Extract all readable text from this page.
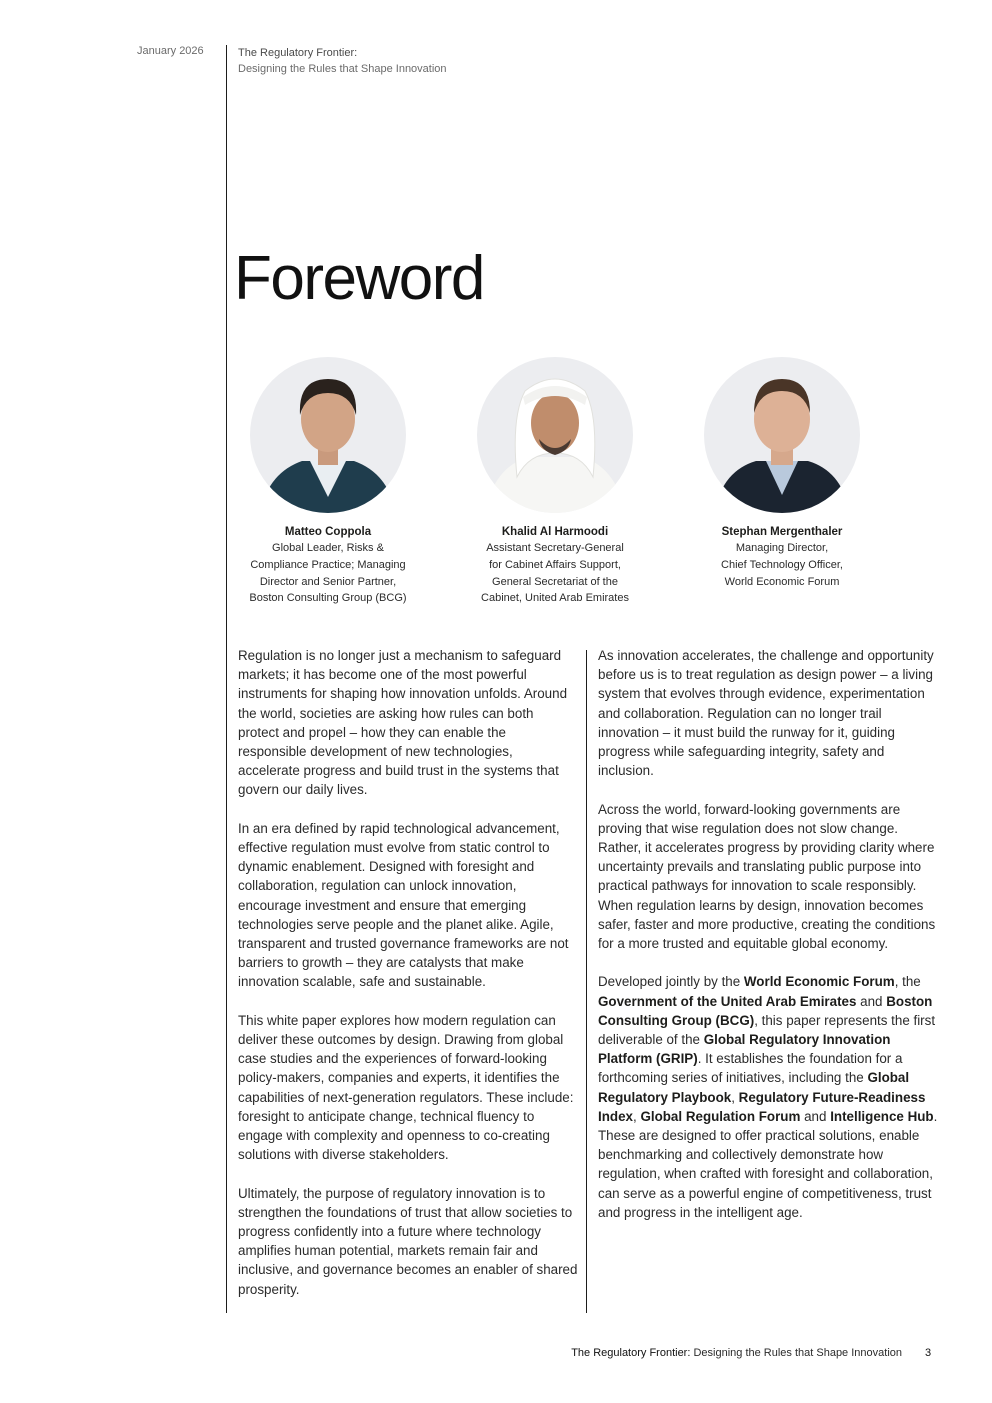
January 2026	The Regulatory Frontier:
Designing the Rules that Shape Innovation
Foreword
Matteo Coppola
Global Leader, Risks &
Compliance Practice; Managing
Director and Senior Partner,
Boston Consulting Group (BCG)
Khalid Al Harmoodi
Assistant Secretary-General
for Cabinet Affairs Support,
General Secretariat of the
Cabinet, United Arab Emirates
Stephan Mergenthaler
Managing Director,
Chief Technology Officer,
World Economic Forum

Regulation is no longer just a mechanism to safeguard markets; it has become one of the most powerful instruments for shaping how innovation unfolds. Around the world, societies are asking how rules can both protect and propel – how they can enable the responsible development of new technologies, accelerate progress and build trust in the systems that govern our daily lives.

In an era defined by rapid technological advancement, effective regulation must evolve from static control to dynamic enablement. Designed with foresight and collaboration, regulation can unlock innovation, encourage investment and ensure that emerging technologies serve people and the planet alike. Agile, transparent and trusted governance frameworks are not barriers to growth – they are catalysts that make innovation scalable, safe and sustainable.

This white paper explores how modern regulation can deliver these outcomes by design. Drawing from global case studies and the experiences of forward-looking policy-makers, companies and experts, it identifies the capabilities of next-generation regulators. These include: foresight to anticipate change, technical fluency to engage with complexity and openness to co-creating solutions with diverse stakeholders.

Ultimately, the purpose of regulatory innovation is to strengthen the foundations of trust that allow societies to progress confidently into a future where technology amplifies human potential, markets remain fair and inclusive, and governance becomes an enabler of shared prosperity.

As innovation accelerates, the challenge and opportunity before us is to treat regulation as design power – a living system that evolves through evidence, experimentation and collaboration. Regulation can no longer trail innovation – it must build the runway for it, guiding progress while safeguarding integrity, safety and inclusion.

Across the world, forward-looking governments are proving that wise regulation does not slow change. Rather, it accelerates progress by providing clarity where uncertainty prevails and translating public purpose into practical pathways for innovation to scale responsibly. When regulation learns by design, innovation becomes safer, faster and more productive, creating the conditions for a more trusted and equitable global economy.

Developed jointly by the World Economic Forum, the Government of the United Arab Emirates and Boston Consulting Group (BCG), this paper represents the first deliverable of the Global Regulatory Innovation Platform (GRIP). It establishes the foundation for a forthcoming series of initiatives, including the Global Regulatory Playbook, Regulatory Future-Readiness Index, Global Regulation Forum and Intelligence Hub. These are designed to offer practical solutions, enable benchmarking and collectively demonstrate how regulation, when crafted with foresight and collaboration, can serve as a powerful engine of competitiveness, trust and progress in the intelligent age.

The Regulatory Frontier: Designing the Rules that Shape Innovation 3
